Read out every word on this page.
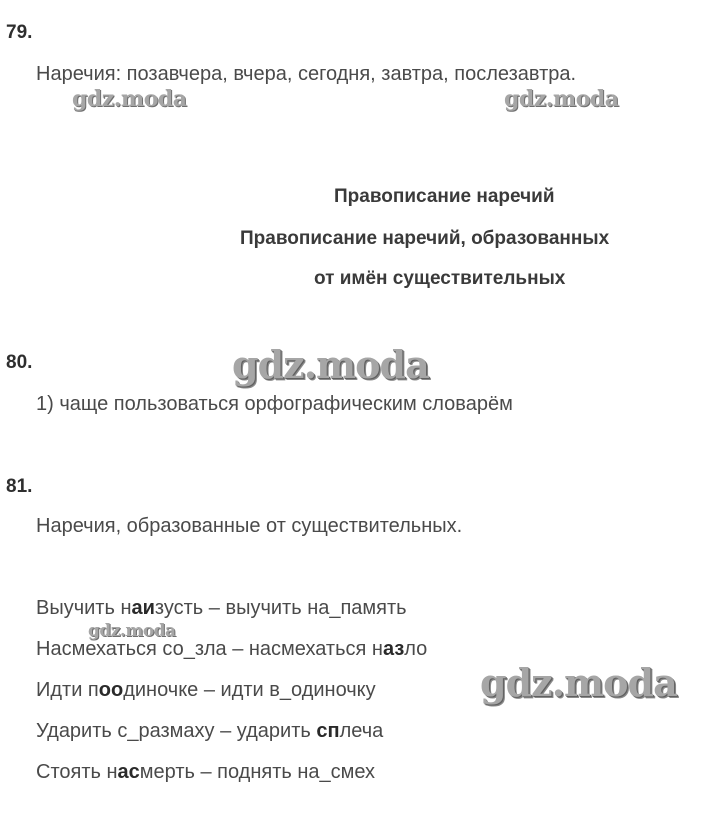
79.
Наречия: позавчера, вчера, сегодня, завтра, послезавтра.
gdz.moda	gdz.moda
Правописание наречий
Правописание наречий, образованных
от имён существительных
80.	gdz.moda
1) чаще пользоваться орфографическим словарём
81.
Наречия, образованные от существительных.
Выучить наизусть – выучить на_память
gdz.moda
Насмехаться со_зла – насмехаться назло
gdz.moda
Идти поодиночке – идти в_одиночку
Ударить с_размаху – ударить сплеча
Стоять насмерть – поднять на_смех
